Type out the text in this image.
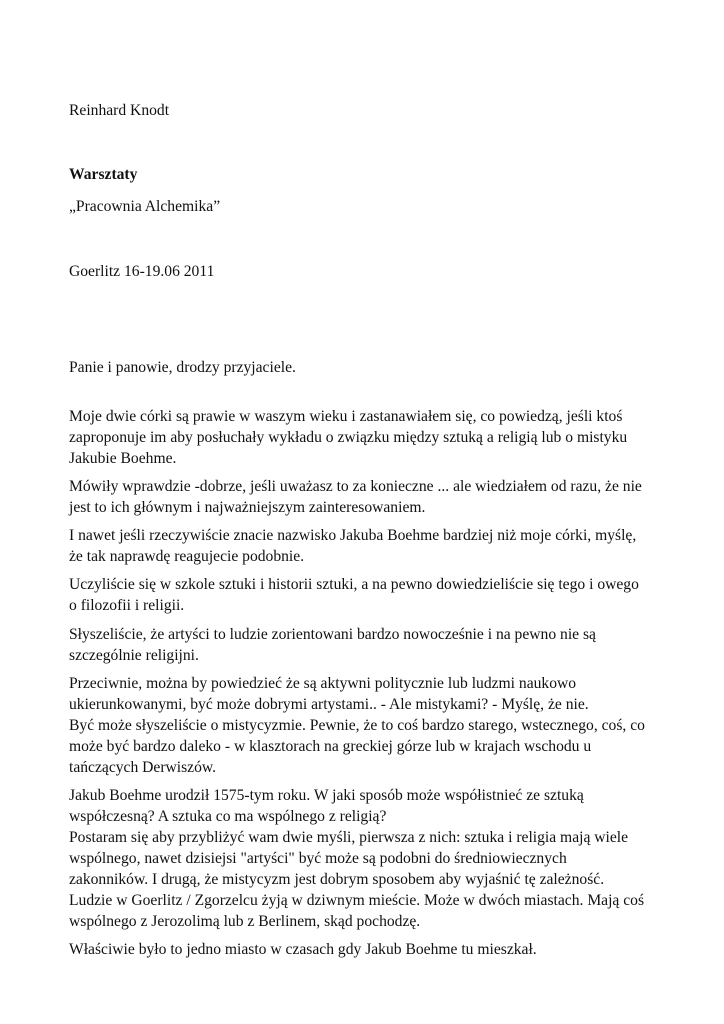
Reinhard Knodt

Warsztaty

„Pracownia Alchemika”

Goerlitz 16-19.06 2011

Panie i panowie, drodzy przyjaciele.

Moje dwie córki są prawie w waszym wieku i zastanawiałem się, co powiedzą, jeśli ktoś

zaproponuje im aby posłuchały wykładu o związku między sztuką a religią lub o mistyku

Jakubie Boehme.

Mówiły wprawdzie -dobrze, jeśli uważasz to za konieczne ... ale wiedziałem od razu, że nie

jest to ich głównym i najważniejszym zainteresowaniem.

I nawet jeśli rzeczywiście znacie nazwisko Jakuba Boehme bardziej niż moje córki, myślę,

że tak naprawdę reagujecie podobnie.

Uczyliście się w szkole sztuki i historii sztuki, a na pewno dowiedzieliście się tego i owego

o filozofii i religii.

Słyszeliście, że artyści to ludzie zorientowani bardzo nowocześnie i na pewno nie są

szczególnie religijni.

Przeciwnie, można by powiedzieć że są aktywni politycznie lub ludzmi naukowo

ukierunkowanymi, być może dobrymi artystami.. - Ale mistykami? - Myślę, że nie.

Być może słyszeliście o mistycyzmie. Pewnie, że to coś bardzo starego, wstecznego, coś, co

może być bardzo daleko - w klasztorach na greckiej górze lub w krajach wschodu u

tańczących Derwiszów.

Jakub Boehme urodził 1575-tym roku. W jaki sposób może współistnieć ze sztuką

współczesną? A sztuka co ma wspólnego z religią?

Postaram się aby przybliżyć wam dwie myśli, pierwsza z nich: sztuka i religia mają wiele

wspólnego, nawet dzisiejsi "artyści" być może są podobni do średniowiecznych

zakonników. I drugą, że mistycyzm jest dobrym sposobem aby wyjaśnić tę zależność.

Ludzie w Goerlitz / Zgorzelcu żyją w dziwnym mieście. Może w dwóch miastach. Mają coś

wspólnego z Jerozolimą lub z Berlinem, skąd pochodzę.

Właściwie było to jedno miasto w czasach gdy Jakub Boehme tu mieszkał.
